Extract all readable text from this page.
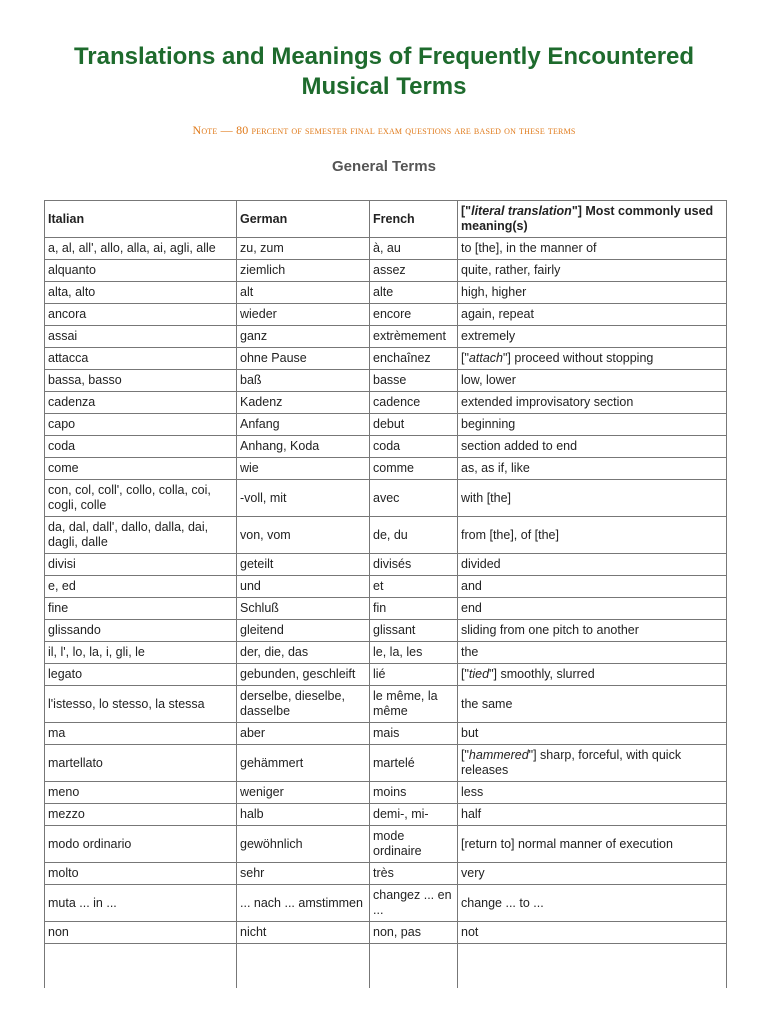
Translations and Meanings of Frequently Encountered Musical Terms
Note — 80 percent of semester final exam questions are based on these terms
General Terms
Italian	German	French	["literal translation"] Most commonly used meaning(s)
a, al, all', allo, alla, ai, agli, alle	zu, zum	à, au	to [the], in the manner of
alquanto	ziemlich	assez	quite, rather, fairly
alta, alto	alt	alte	high, higher
ancora	wieder	encore	again, repeat
assai	ganz	extrèmement	extremely
attacca	ohne Pause	enchaînez	["attach"] proceed without stopping
bassa, basso	baß	basse	low, lower
cadenza	Kadenz	cadence	extended improvisatory section
capo	Anfang	debut	beginning
coda	Anhang, Koda	coda	section added to end
come	wie	comme	as, as if, like
con, col, coll', collo, colla, coi, cogli, colle	-voll, mit	avec	with [the]
da, dal, dall', dallo, dalla, dai, dagli, dalle	von, vom	de, du	from [the], of [the]
divisi	geteilt	divisés	divided
e, ed	und	et	and
fine	Schluß	fin	end
glissando	gleitend	glissant	sliding from one pitch to another
il, l', lo, la, i, gli, le	der, die, das	le, la, les	the
legato	gebunden, geschleift	lié	["tied"] smoothly, slurred
l'istesso, lo stesso, la stessa	derselbe, dieselbe, dasselbe	le même, la même	the same
ma	aber	mais	but
martellato	gehämmert	martelé	["hammered"] sharp, forceful, with quick releases
meno	weniger	moins	less
mezzo	halb	demi-, mi-	half
modo ordinario	gewöhnlich	mode ordinaire	[return to] normal manner of execution
molto	sehr	très	very
muta ... in ...	... nach ... amstimmen	changez ... en ...	change ... to ...
non	nicht	non, pas	not
